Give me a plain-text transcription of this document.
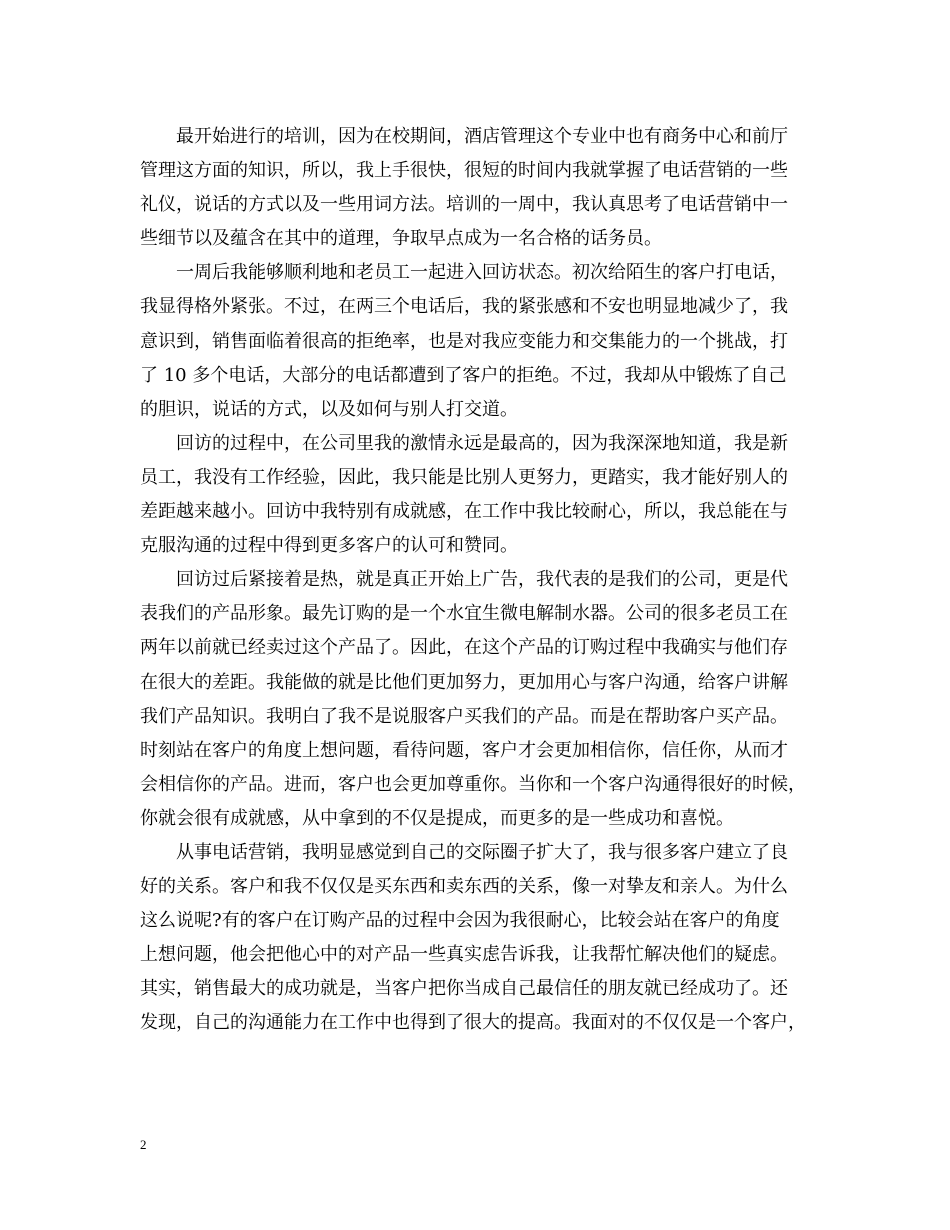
最开始进行的培训，因为在校期间，酒店管理这个专业中也有商务中心和前厅
管理这方面的知识，所以，我上手很快，很短的时间内我就掌握了电话营销的一些
礼仪，说话的方式以及一些用词方法。培训的一周中，我认真思考了电话营销中一
些细节以及蕴含在其中的道理，争取早点成为一名合格的话务员。
一周后我能够顺利地和老员工一起进入回访状态。初次给陌生的客户打电话，
我显得格外紧张。不过，在两三个电话后，我的紧张感和不安也明显地减少了，我
意识到，销售面临着很高的拒绝率，也是对我应变能力和交集能力的一个挑战，打
了 10 多个电话，大部分的电话都遭到了客户的拒绝。不过，我却从中锻炼了自己
的胆识，说话的方式，以及如何与别人打交道。
回访的过程中，在公司里我的激情永远是最高的，因为我深深地知道，我是新
员工，我没有工作经验，因此，我只能是比别人更努力，更踏实，我才能好别人的
差距越来越小。回访中我特别有成就感，在工作中我比较耐心，所以，我总能在与
克服沟通的过程中得到更多客户的认可和赞同。
回访过后紧接着是热，就是真正开始上广告，我代表的是我们的公司，更是代
表我们的产品形象。最先订购的是一个水宜生微电解制水器。公司的很多老员工在
两年以前就已经卖过这个产品了。因此，在这个产品的订购过程中我确实与他们存
在很大的差距。我能做的就是比他们更加努力，更加用心与客户沟通，给客户讲解
我们产品知识。我明白了我不是说服客户买我们的产品。而是在帮助客户买产品。
时刻站在客户的角度上想问题，看待问题，客户才会更加相信你，信任你，从而才
会相信你的产品。进而，客户也会更加尊重你。当你和一个客户沟通得很好的时候，
你就会很有成就感，从中拿到的不仅是提成，而更多的是一些成功和喜悦。
从事电话营销，我明显感觉到自己的交际圈子扩大了，我与很多客户建立了良
好的关系。客户和我不仅仅是买东西和卖东西的关系，像一对挚友和亲人。为什么
这么说呢?有的客户在订购产品的过程中会因为我很耐心，比较会站在客户的角度
上想问题，他会把他心中的对产品一些真实虑告诉我，让我帮忙解决他们的疑虑。
其实，销售最大的成功就是，当客户把你当成自己最信任的朋友就已经成功了。还
发现，自己的沟通能力在工作中也得到了很大的提高。我面对的不仅仅是一个客户，
2
